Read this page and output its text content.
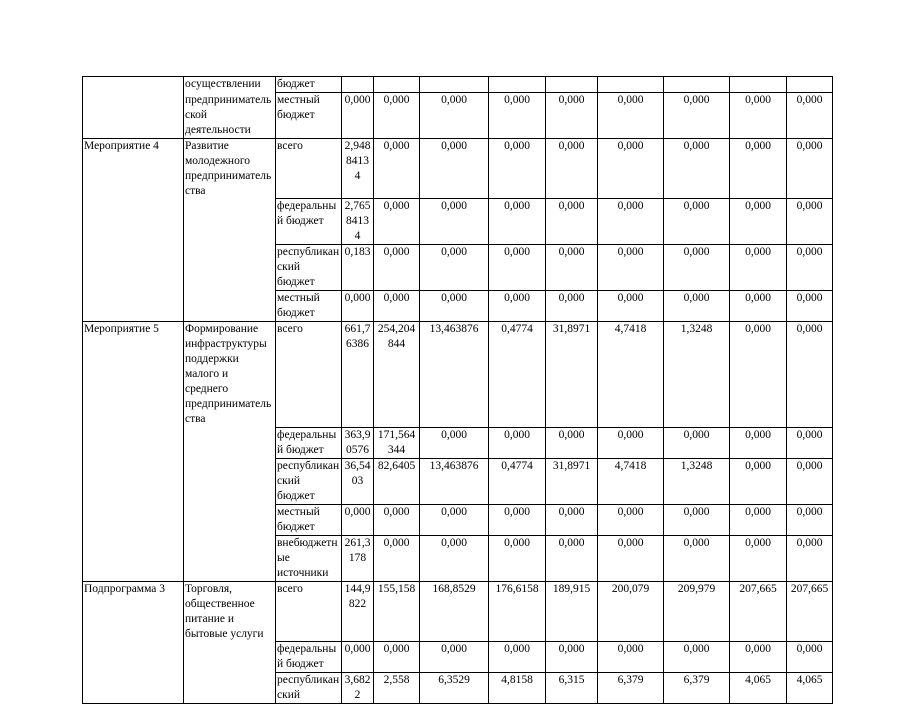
	осуществлении	бюджет									
	предпринимательской деятельности	местный бюджет	0,000	0,000	0,000	0,000	0,000	0,000	0,000	0,000	0,000
Мероприятие 4	Развитие молодежного предпринимательства	всего	2,9488413 4	0,000	0,000	0,000	0,000	0,000	0,000	0,000	0,000
		федеральный бюджет	2,7658413 4	0,000	0,000	0,000	0,000	0,000	0,000	0,000	0,000
		республиканский бюджет	0,183	0,000	0,000	0,000	0,000	0,000	0,000	0,000	0,000
		местный бюджет	0,000	0,000	0,000	0,000	0,000	0,000	0,000	0,000	0,000
Мероприятие 5	Формирование инфраструктуры поддержки малого и среднего предпринимательства	всего	661,76386	254,204844	13,463876	0,4774	31,8971	4,7418	1,3248	0,000	0,000
		федеральный бюджет	363,90576	171,564344	0,000	0,000	0,000	0,000	0,000	0,000	0,000
		республиканский бюджет	36,5403	82,6405	13,463876	0,4774	31,8971	4,7418	1,3248	0,000	0,000
		местный бюджет	0,000	0,000	0,000	0,000	0,000	0,000	0,000	0,000	0,000
		внебюджетные источники	261,3178	0,000	0,000	0,000	0,000	0,000	0,000	0,000	0,000
Подпрограмма 3	Торговля, общественное питание и бытовые услуги	всего	144,9822	155,158	168,8529	176,6158	189,915	200,079	209,979	207,665	207,665
		федеральный бюджет	0,000	0,000	0,000	0,000	0,000	0,000	0,000	0,000	0,000
		республиканский	3,6822	2,558	6,3529	4,8158	6,315	6,379	6,379	4,065	4,065
